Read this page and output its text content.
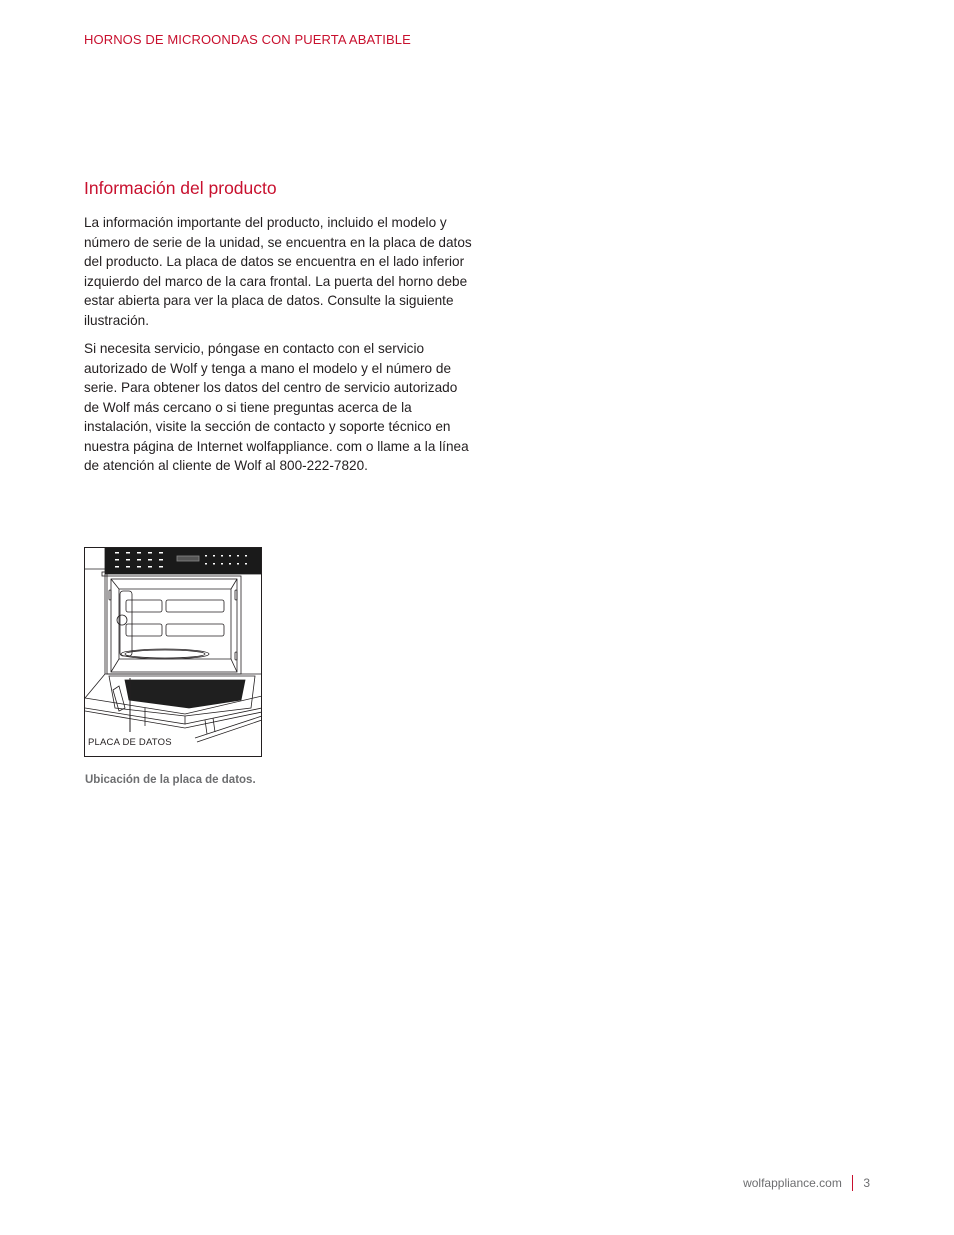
HORNOS DE MICROONDAS CON PUERTA ABATIBLE
Información del producto

La información importante del producto, incluido el modelo y número de serie de la unidad, se encuentra en la placa de datos del producto. La placa de datos se encuentra en el lado inferior izquierdo del marco de la cara frontal. La puerta del horno debe estar abierta para ver la placa de datos. Consulte la siguiente ilustración.

Si necesita servicio, póngase en contacto con el servicio autorizado de Wolf y tenga a mano el modelo y el número de serie. Para obtener los datos del centro de servicio autorizado de Wolf más cercano o si tiene preguntas acerca de la instalación, visite la sección de contacto y soporte técnico en nuestra página de Internet wolfappliance. com o llame a la línea de atención al cliente de Wolf al 800-222-7820.

PLACA DE DATOS
Ubicación de la placa de datos.
wolfappliance.com 3
